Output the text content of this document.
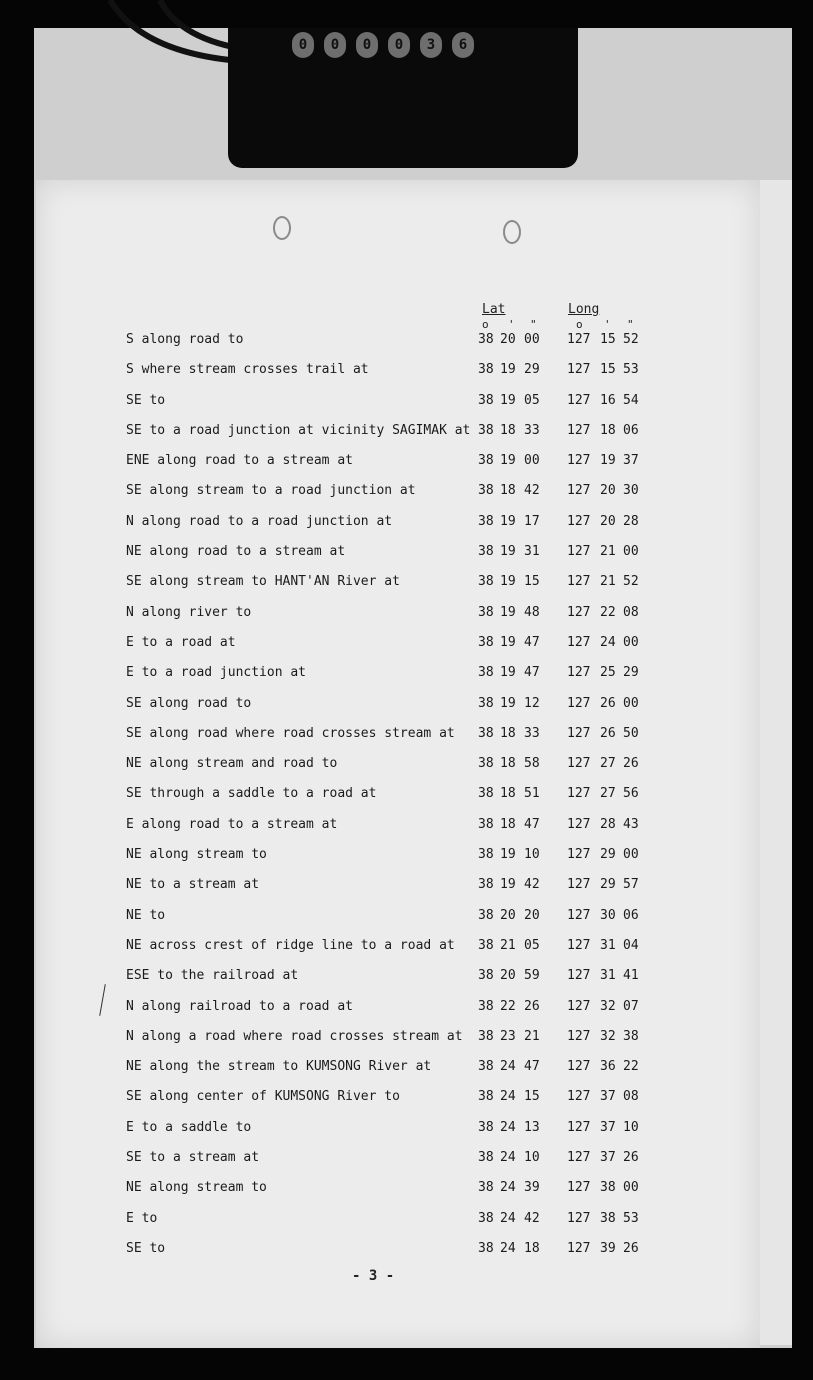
0	0	0	0	3	6
Lat	Long
o ' "	o ' "
S along road to	38 20 00 127 15 52
S where stream crosses trail at	38 19 29 127 15 53
SE to	38 19 05 127 16 54
SE to a road junction at vicinity SAGIMAK at 38 18 33 127 18 06
ENE along road to a stream at	38 19 00 127 19 37
SE along stream to a road junction at	38 18 42 127 20 30
N along road to a road junction at	38 19 17 127 20 28
NE along road to a stream at	38 19 31 127 21 00
SE along stream to HANT'AN River at	38 19 15 127 21 52
N along river to	38 19 48 127 22 08
E to a road at	38 19 47 127 24 00
E to a road junction at	38 19 47 127 25 29
SE along road to	38 19 12 127 26 00
SE along road where road crosses stream at 38 18 33 127 26 50
NE along stream and road to	38 18 58 127 27 26
SE through a saddle to a road at	38 18 51 127 27 56
E along road to a stream at	38 18 47 127 28 43
NE along stream to	38 19 10 127 29 00
NE to a stream at	38 19 42 127 29 57
NE to	38 20 20 127 30 06
NE across crest of ridge line to a road at 38 21 05 127 31 04
ESE to the railroad at	38 20 59 127 31 41
N along railroad to a road at	38 22 26 127 32 07
N along a road where road crosses stream at 38 23 21 127 32 38
NE along the stream to KUMSONG River at	38 24 47 127 36 22
SE along center of KUMSONG River to	38 24 15 127 37 08
E to a saddle to	38 24 13 127 37 10
SE to a stream at	38 24 10 127 37 26
NE along stream to	38 24 39 127 38 00
E to	38 24 42 127 38 53
SE to	38 24 18 127 39 26
- 3 -
